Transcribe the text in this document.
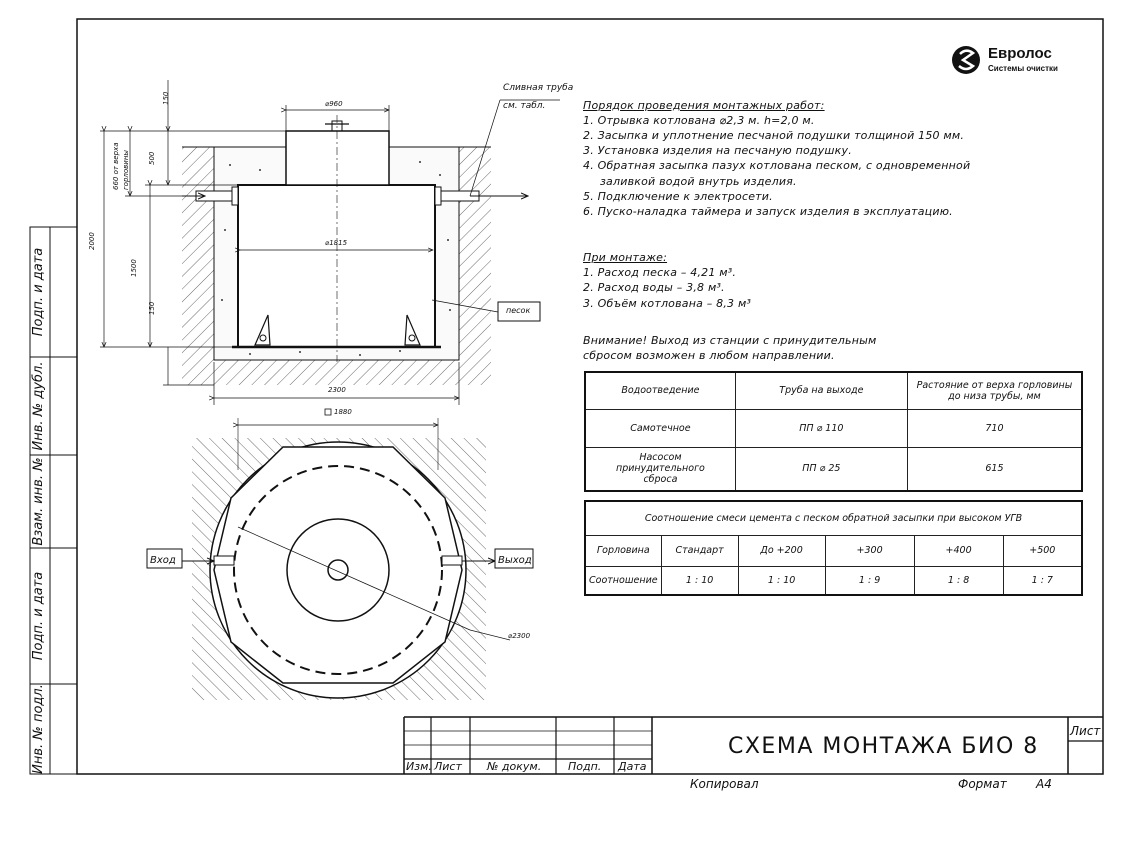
Евролос
Системы очистки
Подп. и дата
Инв. № дубл.
Взам. инв. №
Подп. и дата
Инв. № подл.
Сливная труба
см. табл.
песок
⌀960
⌀1815
2300
1880
⌀2300
Вход	Выход
150
500
660 от верха горловины
2000
1500
150
Порядок проведения монтажных работ:
1. Отрывка котлована ⌀2,3 м. h=2,0 м.
2. Засыпка и уплотнение песчаной подушки толщиной 150 мм.
3. Установка изделия на песчаную подушку.
4. Обратная засыпка пазух котлована песком, с одновременной
заливкой водой внутрь изделия.
5. Подключение к электросети.
6. Пуско-наладка таймера и запуск изделия в эксплуатацию.
При монтаже:
1. Расход песка – 4,21 м³.
2. Расход воды – 3,8 м³.
3. Объём котлована – 8,3 м³
Внимание! Выход из станции с принудительным
сбросом возможен в любом направлении.
Водоотведение	Труба на выходе	Растояние от верха горловины до низа трубы, мм
Самотечное	ПП ⌀ 110	710
Насосом принудительного сброса	ПП ⌀ 25	615
Соотношение смеси цемента с песком обратной засыпки при высоком УГВ					
Горловина	Стандарт	До +200	+300	+400	+500
Соотношение	1 : 10	1 : 10	1 : 9	1 : 8	1 : 7
СХЕМА МОНТАЖА БИО 8
Лист
Изм. Лист № докум. Подп. Дата
Копировал	Формат А4
